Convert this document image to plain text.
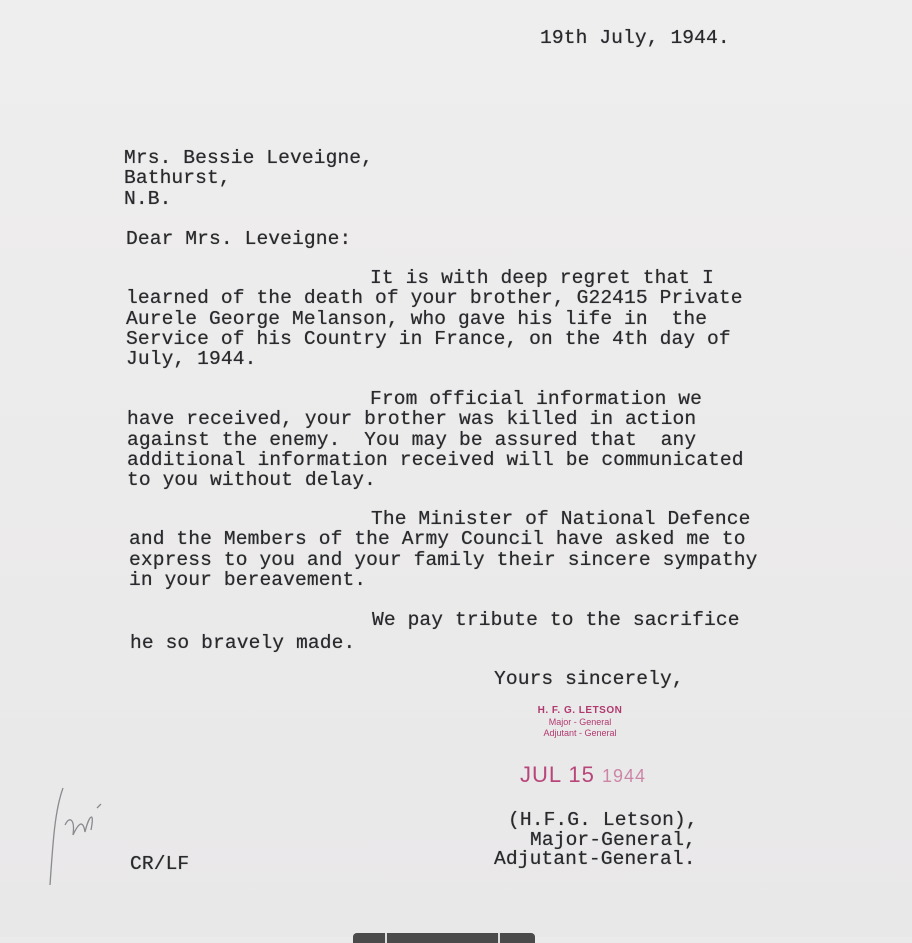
19th July, 1944.
Mrs. Bessie Leveigne,
Bathurst,
N.B.
Dear Mrs. Leveigne:
It is with deep regret that I
learned of the death of your brother, G22415 Private
Aurele George Melanson, who gave his life in  the
Service of his Country in France, on the 4th day of
July, 1944.
From official information we
have received, your brother was killed in action
against the enemy.  You may be assured that  any
additional information received will be communicated
to you without delay.
The Minister of National Defence
and the Members of the Army Council have asked me to
express to you and your family their sincere sympathy
in your bereavement.
We pay tribute to the sacrifice
he so bravely made.
Yours sincerely,
H. F. G. LETSON
Major - General
Adjutant - General
JUL 15 1944
(H.F.G. Letson),
Major-General,
Adjutant-General.
CR/LF
